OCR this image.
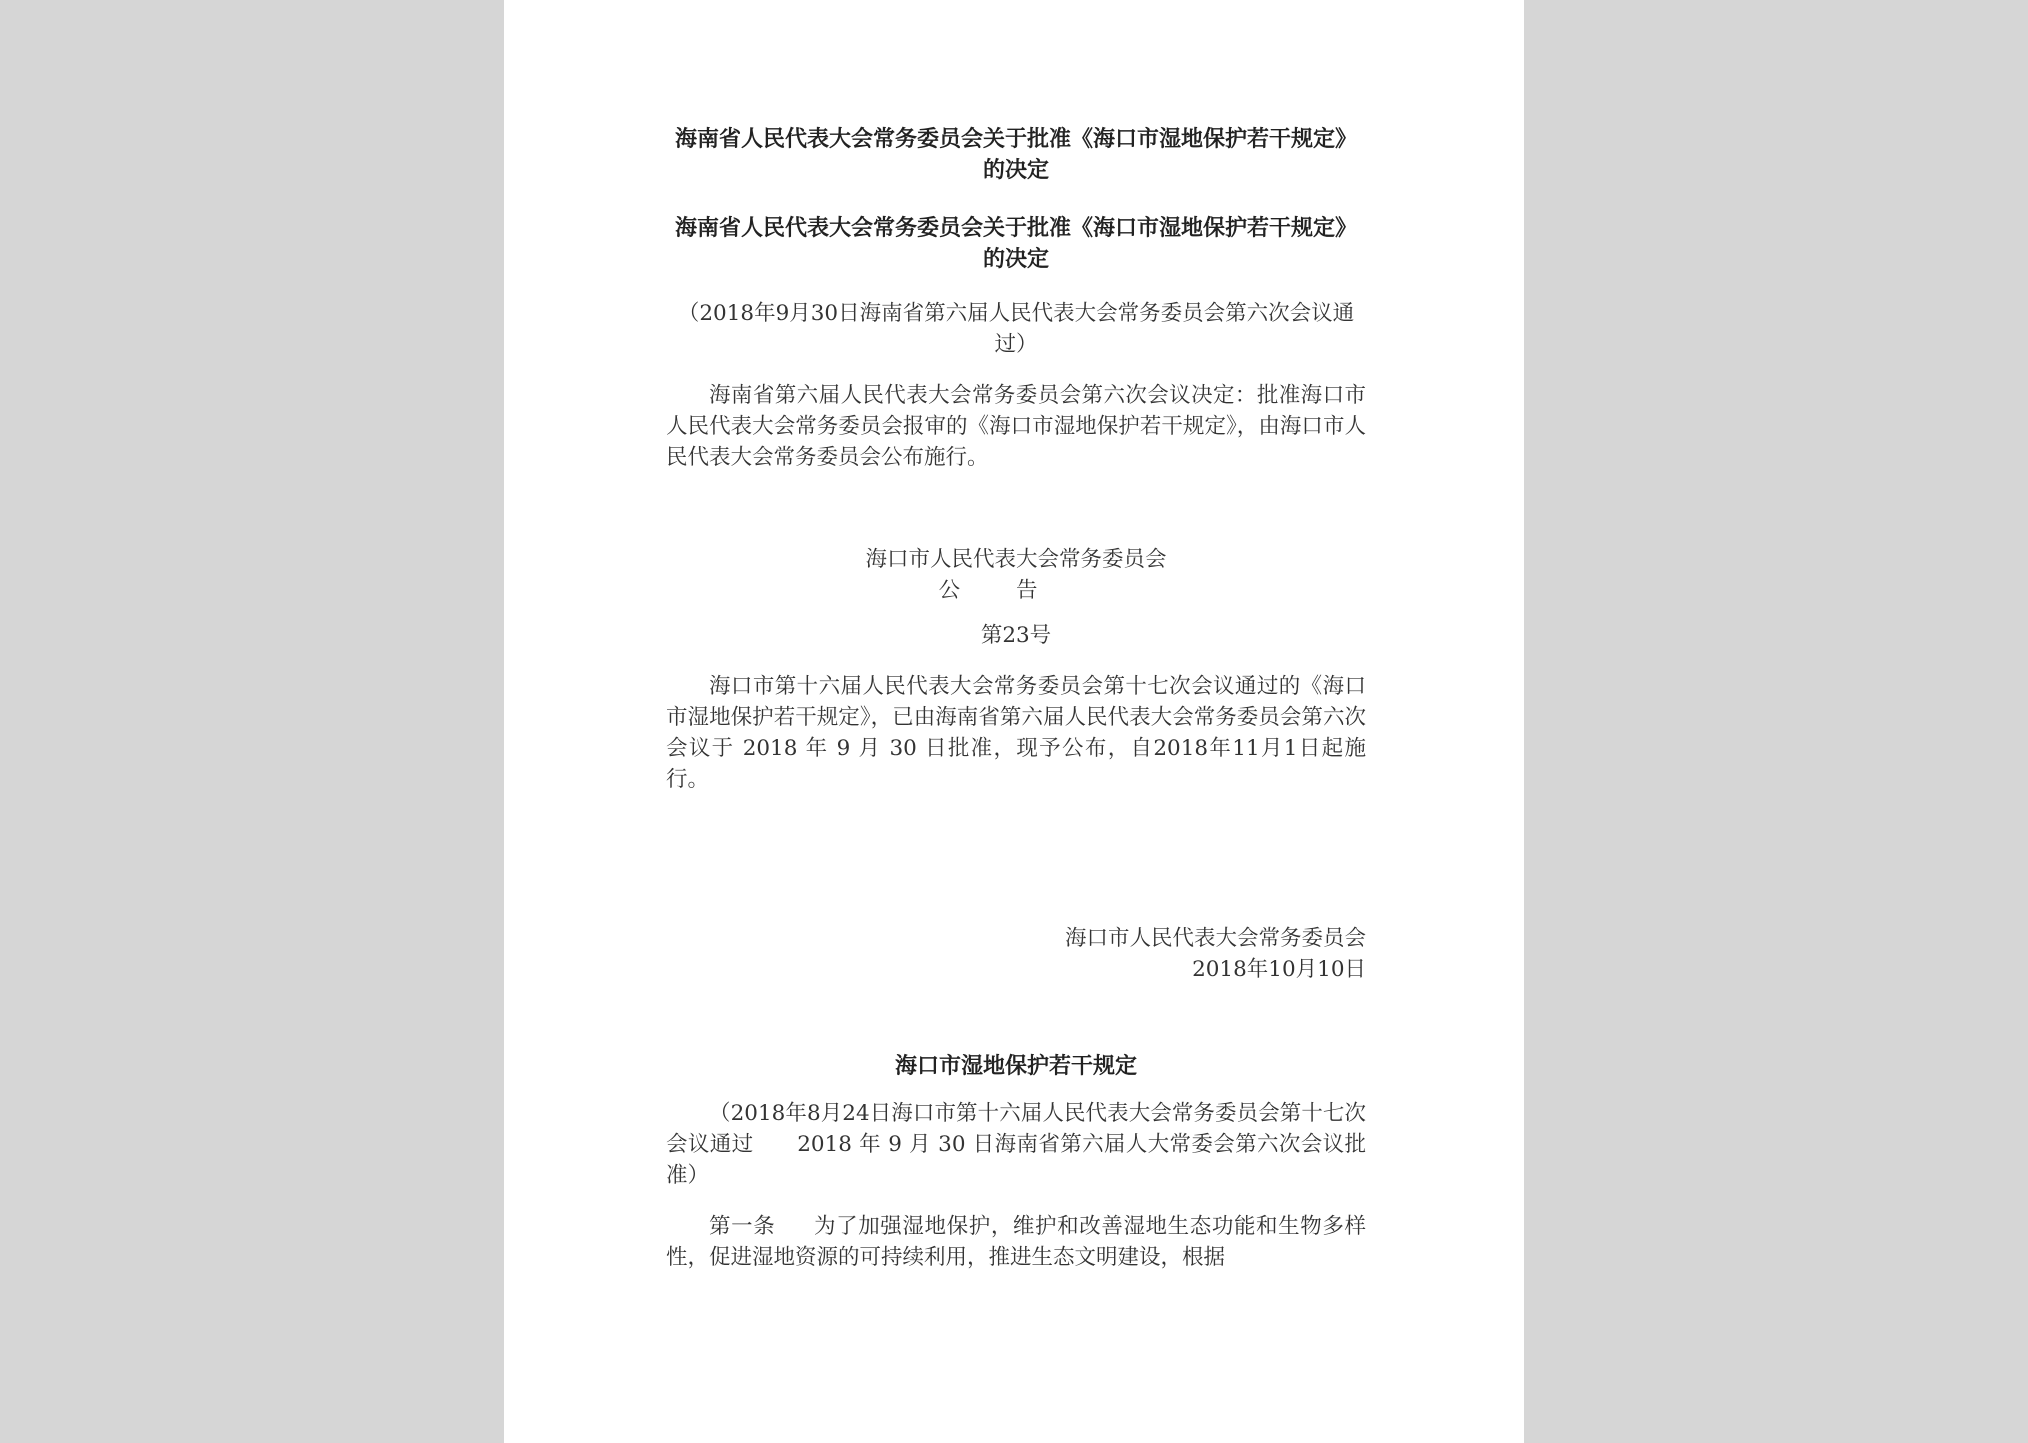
海南省人民代表大会常务委员会关于批准《海口市湿地保护若干规定》的决定

海南省人民代表大会常务委员会关于批准《海口市湿地保护若干规定》的决定

（2018年9月30日海南省第六届人民代表大会常务委员会第六次会议通过）
海南省第六届人民代表大会常务委员会第六次会议决定：批准海口市人民代表大会常务委员会报审的《海口市湿地保护若干规定》，由海口市人民代表大会常务委员会公布施行。
海口市人民代表大会常务委员会
公告
第23号
海口市第十六届人民代表大会常务委员会第十七次会议通过的《海口市湿地保护若干规定》，已由海南省第六届人民代表大会常务委员会第六次会议于 2018 年 9 月 30 日批准，现予公布，自2018年11月1日起施行。
海口市人民代表大会常务委员会
2018年10月10日

海口市湿地保护若干规定

（2018年8月24日海口市第十六届人民代表大会常务委员会第十七次会议通过　　2018 年 9 月 30 日海南省第六届人大常委会第六次会议批准）
第一条 为了加强湿地保护，维护和改善湿地生态功能和生物多样性，促进湿地资源的可持续利用，推进生态文明建设，根据
